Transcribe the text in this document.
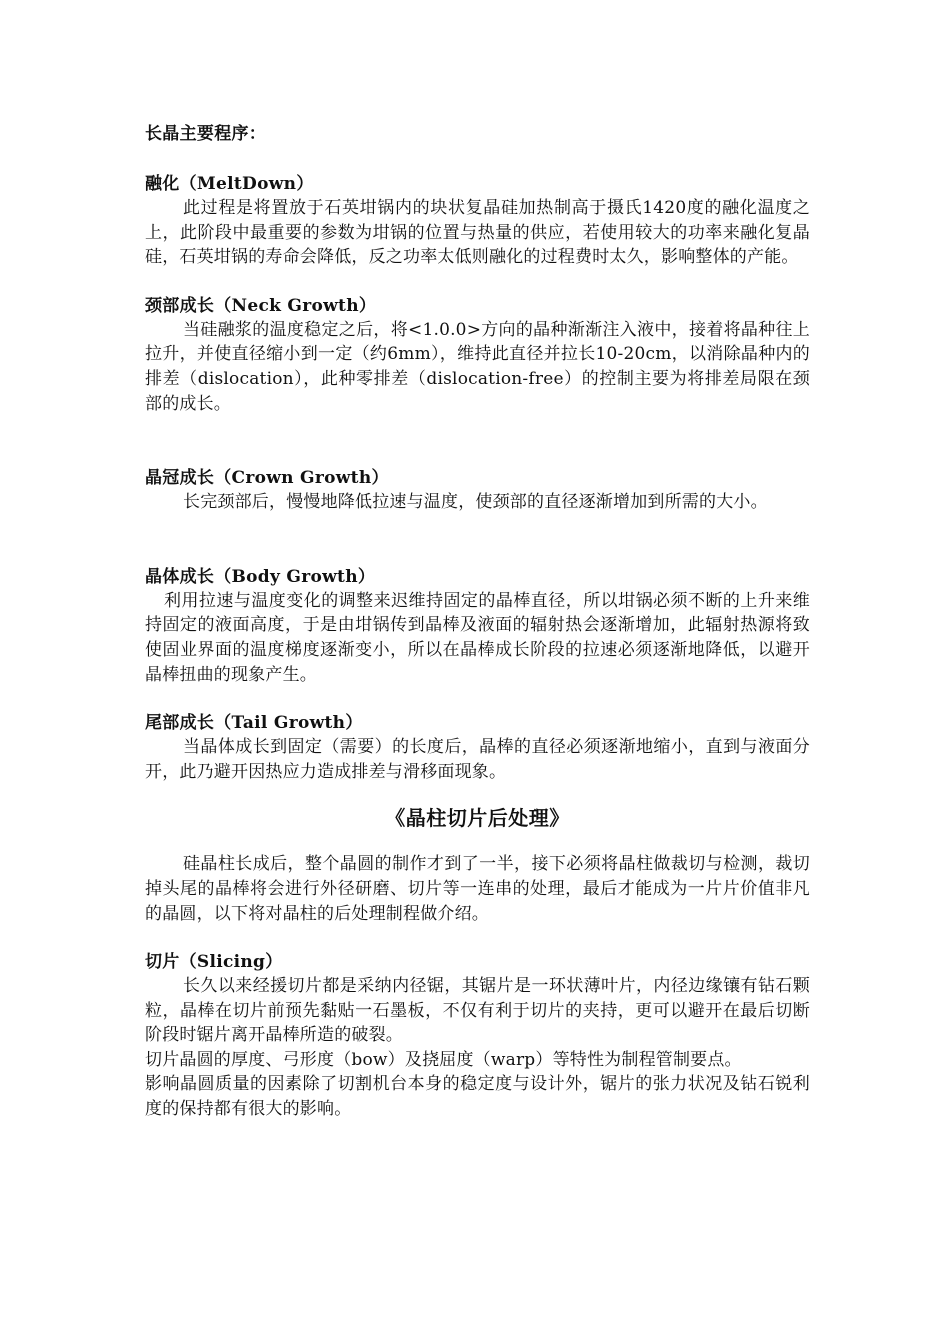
长晶主要程序：

融化（MeltDown）

此过程是将置放于石英坩锅内的块状复晶硅加热制高于摄氏1420度的融化温度之上，此阶段中最重要的参数为坩锅的位置与热量的供应，若使用较大的功率来融化复晶硅，石英坩锅的寿命会降低，反之功率太低则融化的过程费时太久，影响整体的产能。

颈部成长（Neck Growth）

当硅融浆的温度稳定之后，将<1.0.0>方向的晶种渐渐注入液中，接着将晶种往上拉升，并使直径缩小到一定（约6mm），维持此直径并拉长10-20cm，以消除晶种内的排差（dislocation），此种零排差（dislocation-free）的控制主要为将排差局限在颈部的成长。

晶冠成长（Crown Growth）

长完颈部后，慢慢地降低拉速与温度，使颈部的直径逐渐增加到所需的大小。

晶体成长（Body Growth）

利用拉速与温度变化的调整来迟维持固定的晶棒直径，所以坩锅必须不断的上升来维持固定的液面高度，于是由坩锅传到晶棒及液面的辐射热会逐渐增加，此辐射热源将致使固业界面的温度梯度逐渐变小，所以在晶棒成长阶段的拉速必须逐渐地降低，以避开晶棒扭曲的现象产生。

尾部成长（Tail Growth）

当晶体成长到固定（需要）的长度后，晶棒的直径必须逐渐地缩小，直到与液面分开，此乃避开因热应力造成排差与滑移面现象。

《晶柱切片后处理》

硅晶柱长成后，整个晶圆的制作才到了一半，接下必须将晶柱做裁切与检测，裁切掉头尾的晶棒将会进行外径研磨、切片等一连串的处理，最后才能成为一片片价值非凡的晶圆，以下将对晶柱的后处理制程做介绍。

切片（Slicing）

长久以来经援切片都是采纳内径锯，其锯片是一环状薄叶片，内径边缘镶有钻石颗粒，晶棒在切片前预先黏贴一石墨板，不仅有利于切片的夹持，更可以避开在最后切断阶段时锯片离开晶棒所造的破裂。

切片晶圆的厚度、弓形度（bow）及挠屈度（warp）等特性为制程管制要点。

影响晶圆质量的因素除了切割机台本身的稳定度与设计外，锯片的张力状况及钻石锐利度的保持都有很大的影响。
